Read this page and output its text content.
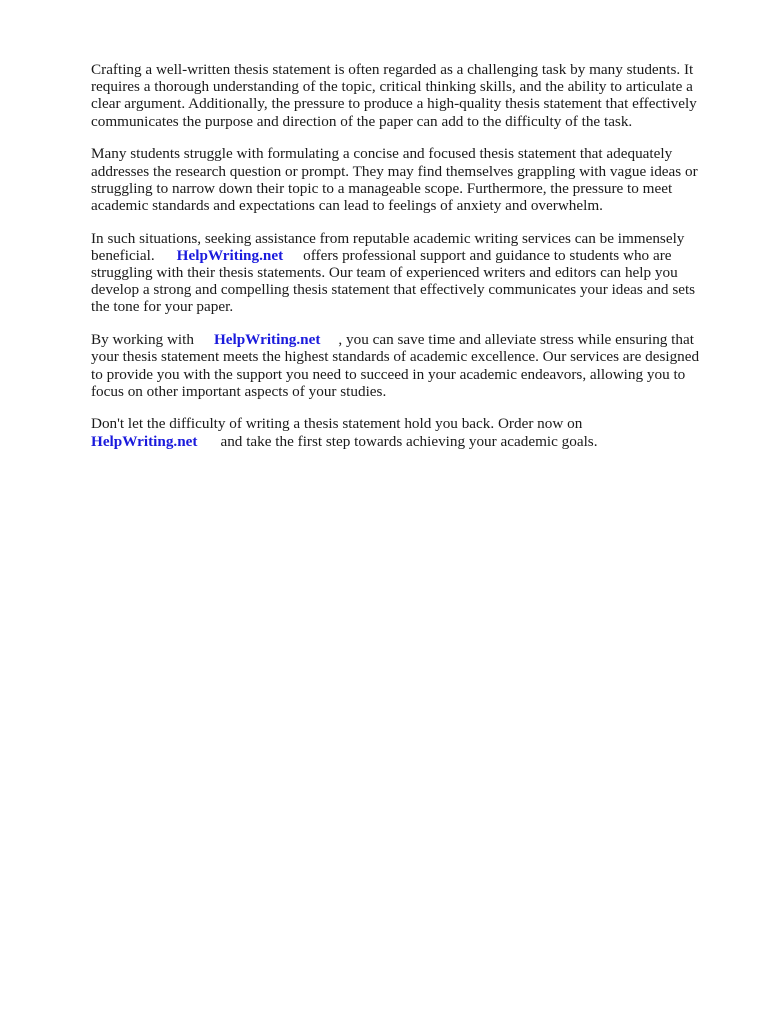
Crafting a well-written thesis statement is often regarded as a challenging task by many students. It
requires a thorough understanding of the topic, critical thinking skills, and the ability to articulate a
clear argument. Additionally, the pressure to produce a high-quality thesis statement that effectively
communicates the purpose and direction of the paper can add to the difficulty of the task.

Many students struggle with formulating a concise and focused thesis statement that adequately
addresses the research question or prompt. They may find themselves grappling with vague ideas or
struggling to narrow down their topic to a manageable scope. Furthermore, the pressure to meet
academic standards and expectations can lead to feelings of anxiety and overwhelm.

In such situations, seeking assistance from reputable academic writing services can be immensely
beneficial. HelpWriting.net offers professional support and guidance to students who are
struggling with their thesis statements. Our team of experienced writers and editors can help you
develop a strong and compelling thesis statement that effectively communicates your ideas and sets
the tone for your paper.

By working with HelpWriting.net , you can save time and alleviate stress while ensuring that
your thesis statement meets the highest standards of academic excellence. Our services are designed
to provide you with the support you need to succeed in your academic endeavors, allowing you to
focus on other important aspects of your studies.

Don't let the difficulty of writing a thesis statement hold you back. Order now on
HelpWriting.net and take the first step towards achieving your academic goals.
